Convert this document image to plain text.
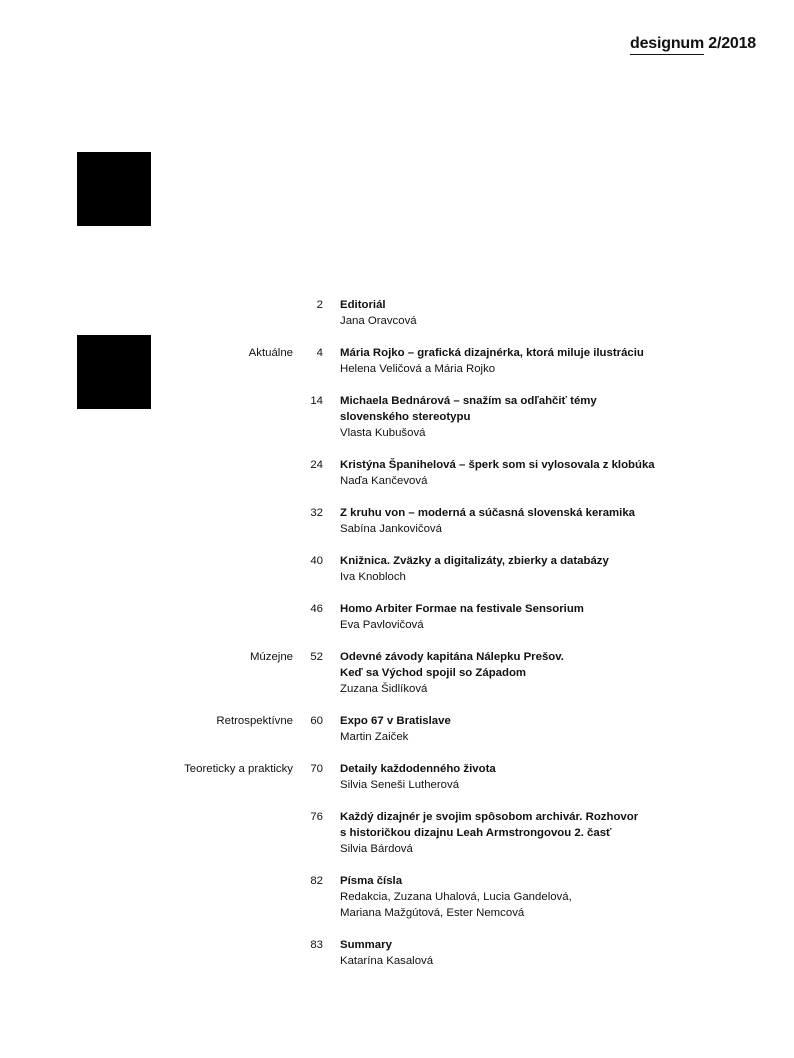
designum 2/2018
2 Editoriál
Jana Oravcová
Aktuálne 4 Mária Rojko – grafická dizajnérka, ktorá miluje ilustráciu
Helena Veličová a Mária Rojko
14 Michaela Bednárová – snažím sa odľahčiť témy slovenského stereotypu
Vlasta Kubušová
24 Kristýna Španihelová – šperk som si vylosovala z klobúka
Naďa Kančevová
32 Z kruhu von – moderná a súčasná slovenská keramika
Sabína Jankovičová
40 Knižnica. Zväzky a digitalizáty, zbierky a databázy
Iva Knobloch
46 Homo Arbiter Formae na festivale Sensorium
Eva Pavlovičová
Múzejne 52 Odevné závody kapitána Nálepku Prešov. Keď sa Východ spojil so Západom
Zuzana Šidlíková
Retrospektívne 60 Expo 67 v Bratislave
Martin Zaiček
Teoreticky a prakticky 70 Detaily každodenného života
Silvia Seneši Lutherová
76 Každý dizajnér je svojim spôsobom archivár. Rozhovor s historičkou dizajnu Leah Armstrongovou 2. časť
Silvia Bárdová
82 Písma čísla
Redakcia, Zuzana Uhalová, Lucia Gandelová, Mariana Mažgútová, Ester Nemcová
83 Summary
Katarína Kasalová
